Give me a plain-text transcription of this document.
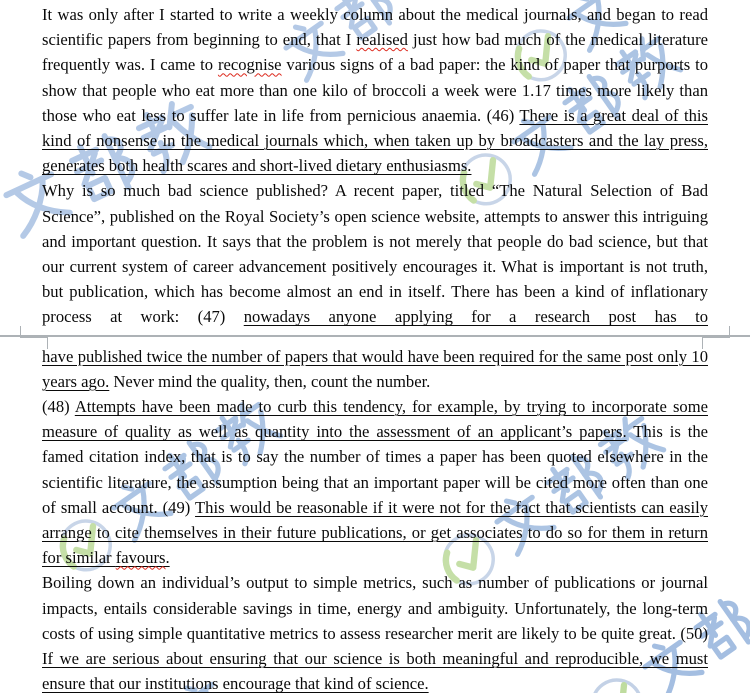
It was only after I started to write a weekly column about the medical journals, and began to read scientific papers from beginning to end, that I realised just how bad much of the medical literature frequently was. I came to recognise various signs of a bad paper: the kind of paper that purports to show that people who eat more than one kilo of broccoli a week were 1.17 times more likely than those who eat less to suffer late in life from pernicious anaemia. (46) There is a great deal of this kind of nonsense in the medical journals which, when taken up by broadcasters and the lay press, generates both health scares and short-lived dietary enthusiasms.

Why is so much bad science published? A recent paper, titled “The Natural Selection of Bad Science”, published on the Royal Society’s open science website, attempts to answer this intriguing and important question. It says that the problem is not merely that people do bad science, but that our current system of career advancement positively encourages it. What is important is not truth, but publication, which has become almost an end in itself. There has been a kind of inflationary process at work: (47) nowadays anyone applying for a research post has to

have published twice the number of papers that would have been required for the same post only 10 years ago. Never mind the quality, then, count the number.

(48) Attempts have been made to curb this tendency, for example, by trying to incorporate some measure of quality as well as quantity into the assessment of an applicant’s papers. This is the famed citation index, that is to say the number of times a paper has been quoted elsewhere in the scientific literature, the assumption being that an important paper will be cited more often than one of small account. (49) This would be reasonable if it were not for the fact that scientists can easily arrange to cite themselves in their future publications, or get associates to do so for them in return for similar favours.

Boiling down an individual’s output to simple metrics, such as number of publications or journal impacts, entails considerable savings in time, energy and ambiguity. Unfortunately, the long-term costs of using simple quantitative metrics to assess researcher merit are likely to be quite great. (50) If we are serious about ensuring that our science is both meaningful and reproducible, we must ensure that our institutions encourage that kind of science.
